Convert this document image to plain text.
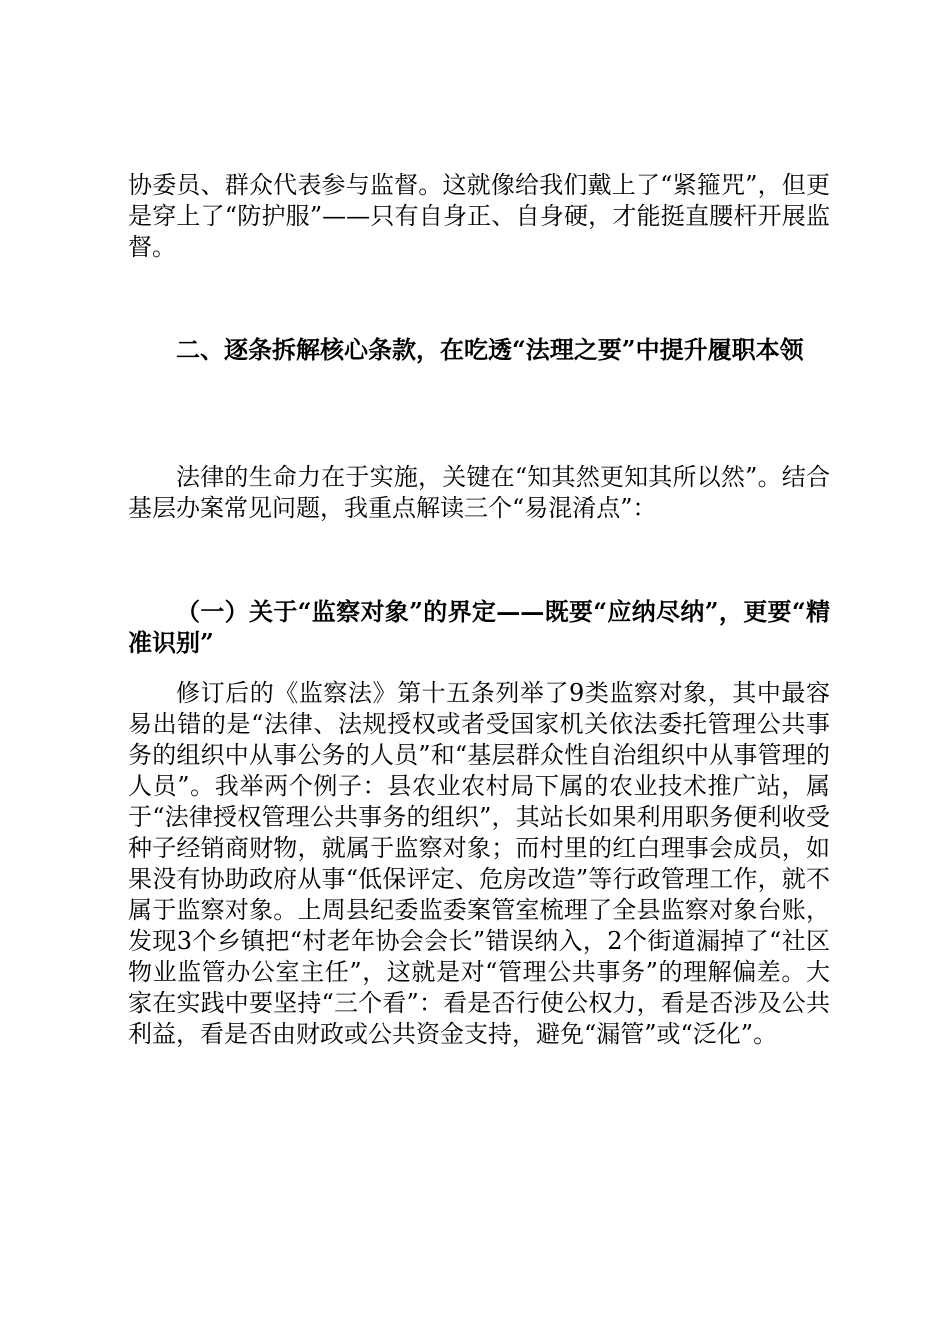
协委员、群众代表参与监督。这就像给我们戴上了“紧箍咒”，但更是穿上了“防护服”——只有自身正、自身硬，才能挺直腰杆开展监督。

二、逐条拆解核心条款，在吃透“法理之要”中提升履职本领

法律的生命力在于实施，关键在“知其然更知其所以然”。结合基层办案常见问题，我重点解读三个“易混淆点”：

（一）关于“监察对象”的界定——既要“应纳尽纳”，更要“精准识别”

修订后的《监察法》第十五条列举了9类监察对象，其中最容易出错的是“法律、法规授权或者受国家机关依法委托管理公共事务的组织中从事公务的人员”和“基层群众性自治组织中从事管理的人员”。我举两个例子：县农业农村局下属的农业技术推广站，属于“法律授权管理公共事务的组织”，其站长如果利用职务便利收受种子经销商财物，就属于监察对象；而村里的红白理事会成员，如果没有协助政府从事“低保评定、危房改造”等行政管理工作，就不属于监察对象。上周县纪委监委案管室梳理了全县监察对象台账，发现3个乡镇把“村老年协会会长”错误纳入，2个街道漏掉了“社区物业监管办公室主任”，这就是对“管理公共事务”的理解偏差。大家在实践中要坚持“三个看”：看是否行使公权力，看是否涉及公共利益，看是否由财政或公共资金支持，避免“漏管”或“泛化”。
